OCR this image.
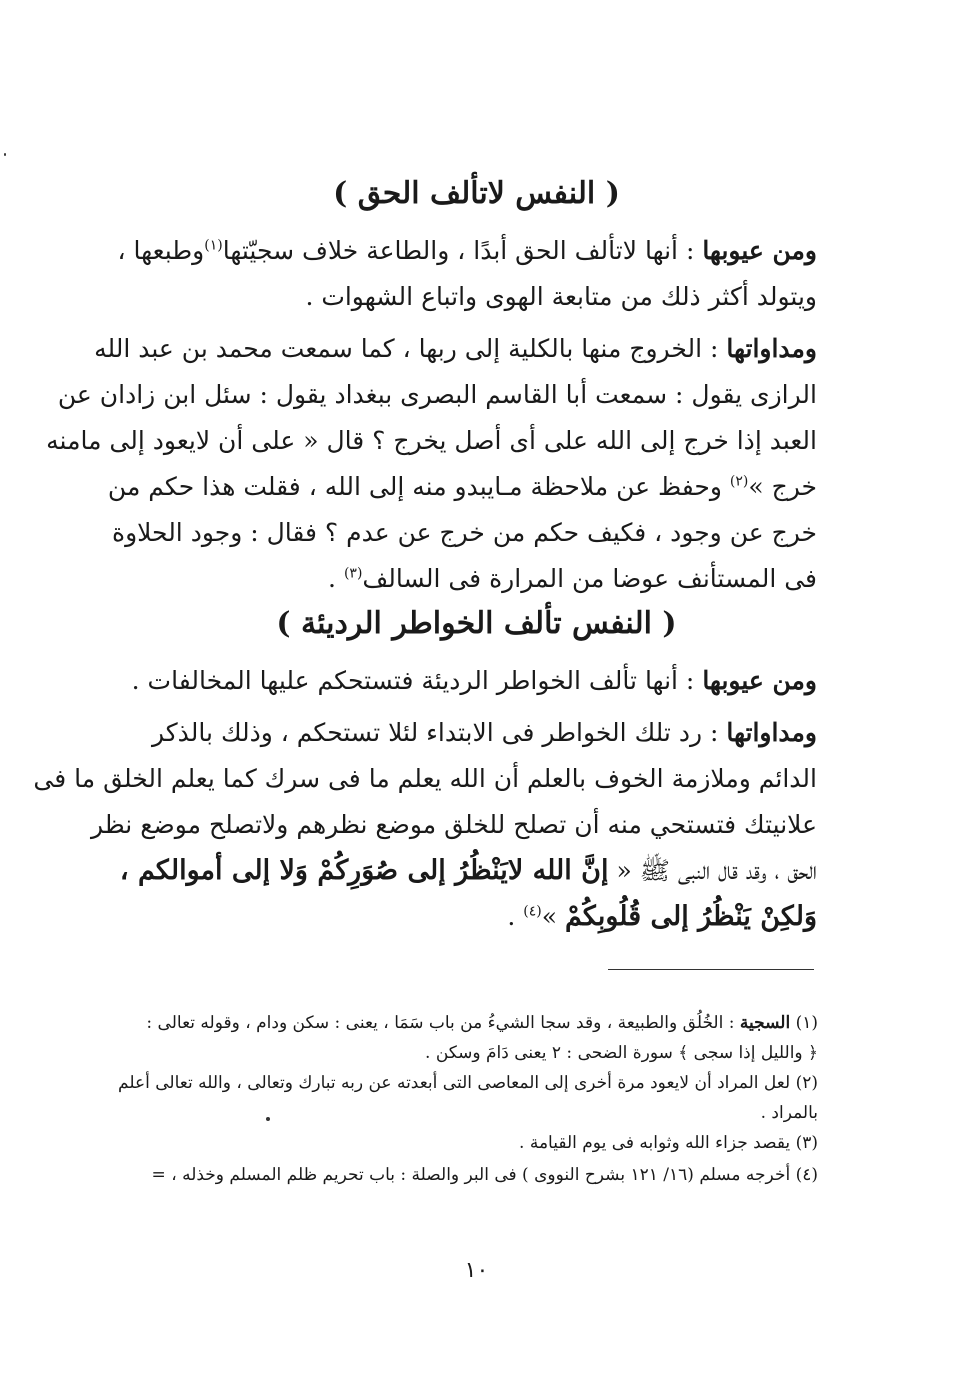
( النفس لاتألف الحق )
ومن عيوبها : أنها لاتألف الحق أبدًا ، والطاعة خلاف سجيّتها$^{(١)}$وطبعها ،
ويتولد أكثر ذلك من متابعة الهوى واتباع الشهوات .
ومداواتها : الخروج منها بالكلية إلى ربها ، كما سمعت محمد بن عبد الله
الرازى يقول : سمعت أبا القاسم البصرى ببغداد يقول : سئل ابن زادان عن
العبد إذا خرج إلى الله على أى أصل يخرج ؟ قال « على أن لايعود إلى مامنه
خرج »$^{(٢)}$ وحفظ عن ملاحظة مـايبدو منه إلى الله ، فقلت هذا حكم من
خرج عن وجود ، فكيف حكم من خرج عن عدم ؟ فقال : وجود الحلاوة
فى المستأنف عوضا من المرارة فى السالف$^{(٣)}$ .
( النفس تألف الخواطر الرديئة )
ومن عيوبها : أنها تألف الخواطر الرديئة فتستحكم عليها المخالفات .
ومداواتها : رد تلك الخواطر فى الابتداء لئلا تستحكم ، وذلك بالذكر
الدائم وملازمة الخوف بالعلم أن الله يعلم ما فى سرك كما يعلم الخلق ما فى
علانيتك فتستحي منه أن تصلح للخلق موضع نظرهم ولاتصلح موضع نظر
الحق ، وقد قال النبى ﷺ « إنَّ الله لايَنْظُرُ إلى صُوَرِكُمْ وَلا إلى أموالكم ،
وَلكِنْ يَنْظُرُ إلى قُلُوبِكُمْ »$^{(٤)}$ .
(١) السجية : الخُلُق والطبيعة ، وقد سجا الشيءُ من باب سَمَا ، يعنى : سكن ودام ، وقوله تعالى :
﴿ والليل إذا سجى ﴾ سورة الضحى : ٢ يعنى دَامَ وسكن .
(٢) لعل المراد أن لايعود مرة أخرى إلى المعاصى التى أبعدته عن ربه تبارك وتعالى ، والله تعالى أعلم
بالمراد .
(٣) يقصد جزاء الله وثوابه فى يوم القيامة .
(٤) أخرجه مسلم (١٦/ ١٢١ بشرح النووى ) فى البر والصلة : باب تحريم ظلم المسلم وخذله ، =
١٠
